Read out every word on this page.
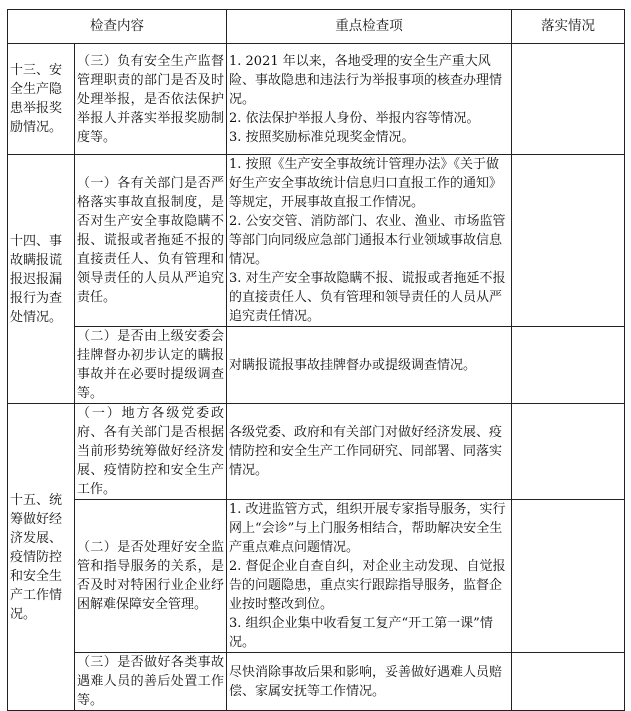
检查内容		重点检查项	落实情况
十三、安全生产隐患举报奖励情况。	（三）负有安全生产监督管理职责的部门是否及时处理举报，是否依法保护举报人并落实举报奖励制度等。	1. 2021 年以来，各地受理的安全生产重大风险、事故隐患和违法行为举报事项的核查办理情况。
2. 依法保护举报人身份、举报内容等情况。
3. 按照奖励标准兑现奖金情况。	

十四、事故瞒报谎报迟报漏报行为查处情况。	（一）各有关部门是否严格落实事故直报制度，是否对生产安全事故隐瞒不报、谎报或者拖延不报的直接责任人、负有管理和领导责任的人员从严追究责任。	1. 按照《生产安全事故统计管理办法》《关于做好生产安全事故统计信息归口直报工作的通知》等规定，开展事故直报工作情况。
2. 公安交管、消防部门、农业、渔业、市场监管等部门向同级应急部门通报本行业领域事故信息情况。
3. 对生产安全事故隐瞒不报、谎报或者拖延不报的直接责任人、负有管理和领导责任的人员从严追究责任情况。	

	（二）是否由上级安委会挂牌督办初步认定的瞒报事故并在必要时提级调查等。	对瞒报谎报事故挂牌督办或提级调查情况。	

十五、统筹做好经济发展、疫情防控和安全生产工作情况。	（一）地方各级党委政府、各有关部门是否根据当前形势统筹做好经济发展、疫情防控和安全生产工作。	各级党委、政府和有关部门对做好经济发展、疫情防控和安全生产工作同研究、同部署、同落实情况。	

	（二）是否处理好安全监管和指导服务的关系，是否及时对特困行业企业纾困解难保障安全管理。	1. 改进监管方式，组织开展专家指导服务，实行网上“会诊”与上门服务相结合，帮助解决安全生产重点难点问题情况。
2. 督促企业自查自纠，对企业主动发现、自觉报告的问题隐患，重点实行跟踪指导服务，监督企业按时整改到位。
3. 组织企业集中收看复工复产“开工第一课”情况。	

	（三）是否做好各类事故遇难人员的善后处置工作等。	尽快消除事故后果和影响，妥善做好遇难人员赔偿、家属安抚等工作情况。	
